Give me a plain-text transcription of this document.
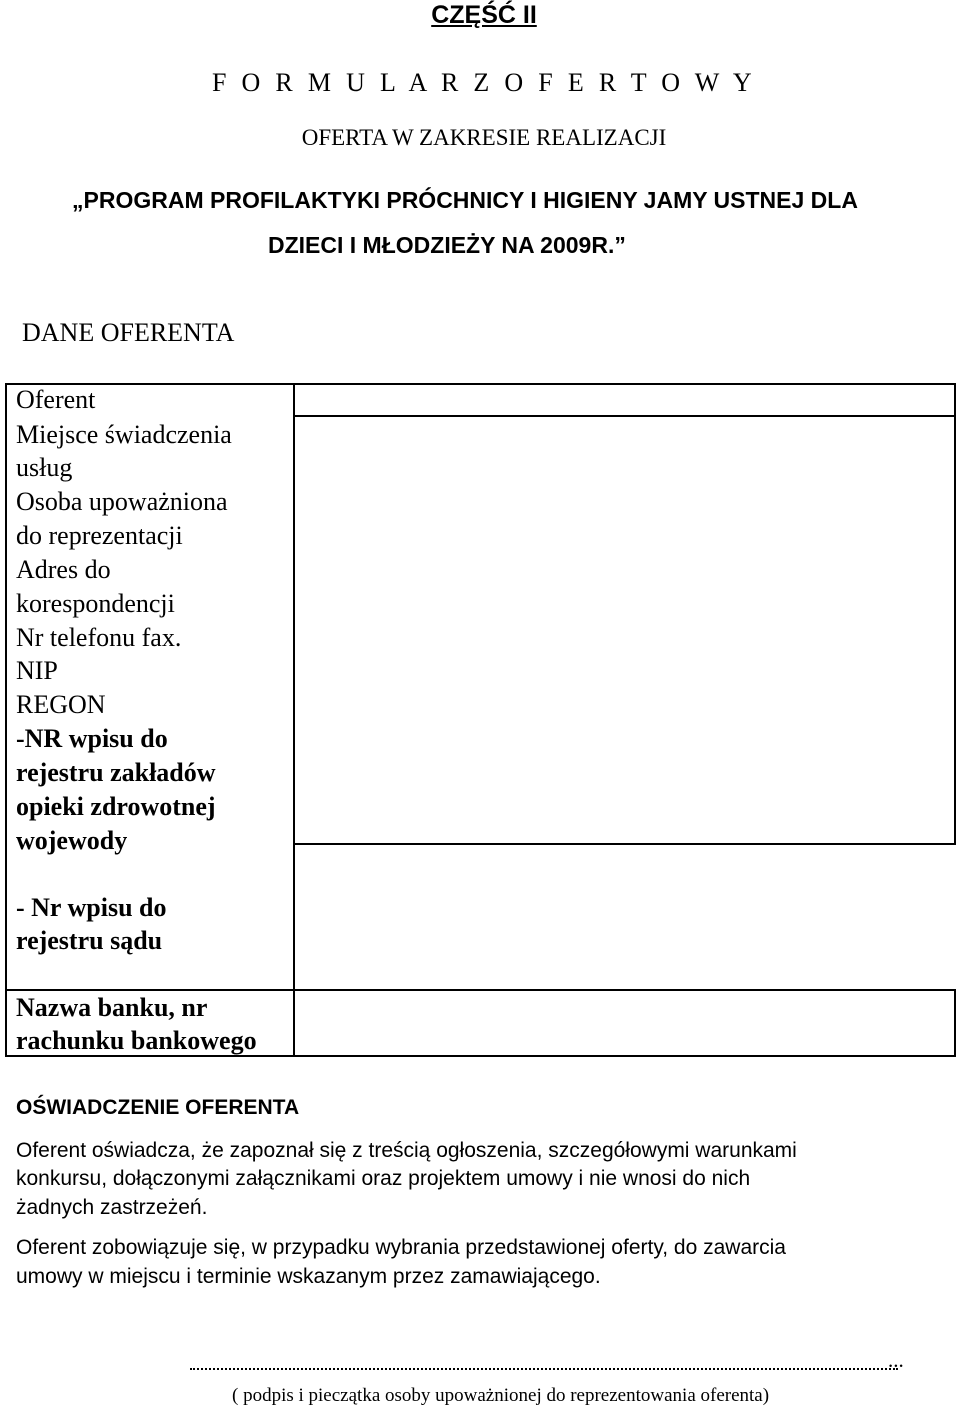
CZĘŚĆ II
F O R M U L A R Z O F E R T O W Y
OFERTA W ZAKRESIE REALIZACJI
„PROGRAM PROFILAKTYKI PRÓCHNICY I HIGIENY JAMY USTNEJ DLA
DZIECI I MŁODZIEŻY NA 2009R.”
DANE OFERENTA
Oferent
Miejsce świadczenia
usług
Osoba upoważniona
do reprezentacji
Adres do
korespondencji
Nr telefonu fax.
NIP
REGON
-NR wpisu do
rejestru zakładów
opieki zdrowotnej
wojewody
- Nr wpisu do
rejestru sądu
Nazwa banku, nr
rachunku bankowego
OŚWIADCZENIE OFERENTA
Oferent oświadcza, że zapoznał się z treścią ogłoszenia, szczegółowymi warunkami
konkursu, dołączonymi załącznikami oraz projektem umowy i nie wnosi do nich
żadnych zastrzeżeń.
Oferent zobowiązuje się, w przypadku wybrania przedstawionej oferty, do zawarcia
umowy w miejscu i terminie wskazanym przez zamawiającego.
...
( podpis i pieczątka osoby upoważnionej do reprezentowania oferenta)
